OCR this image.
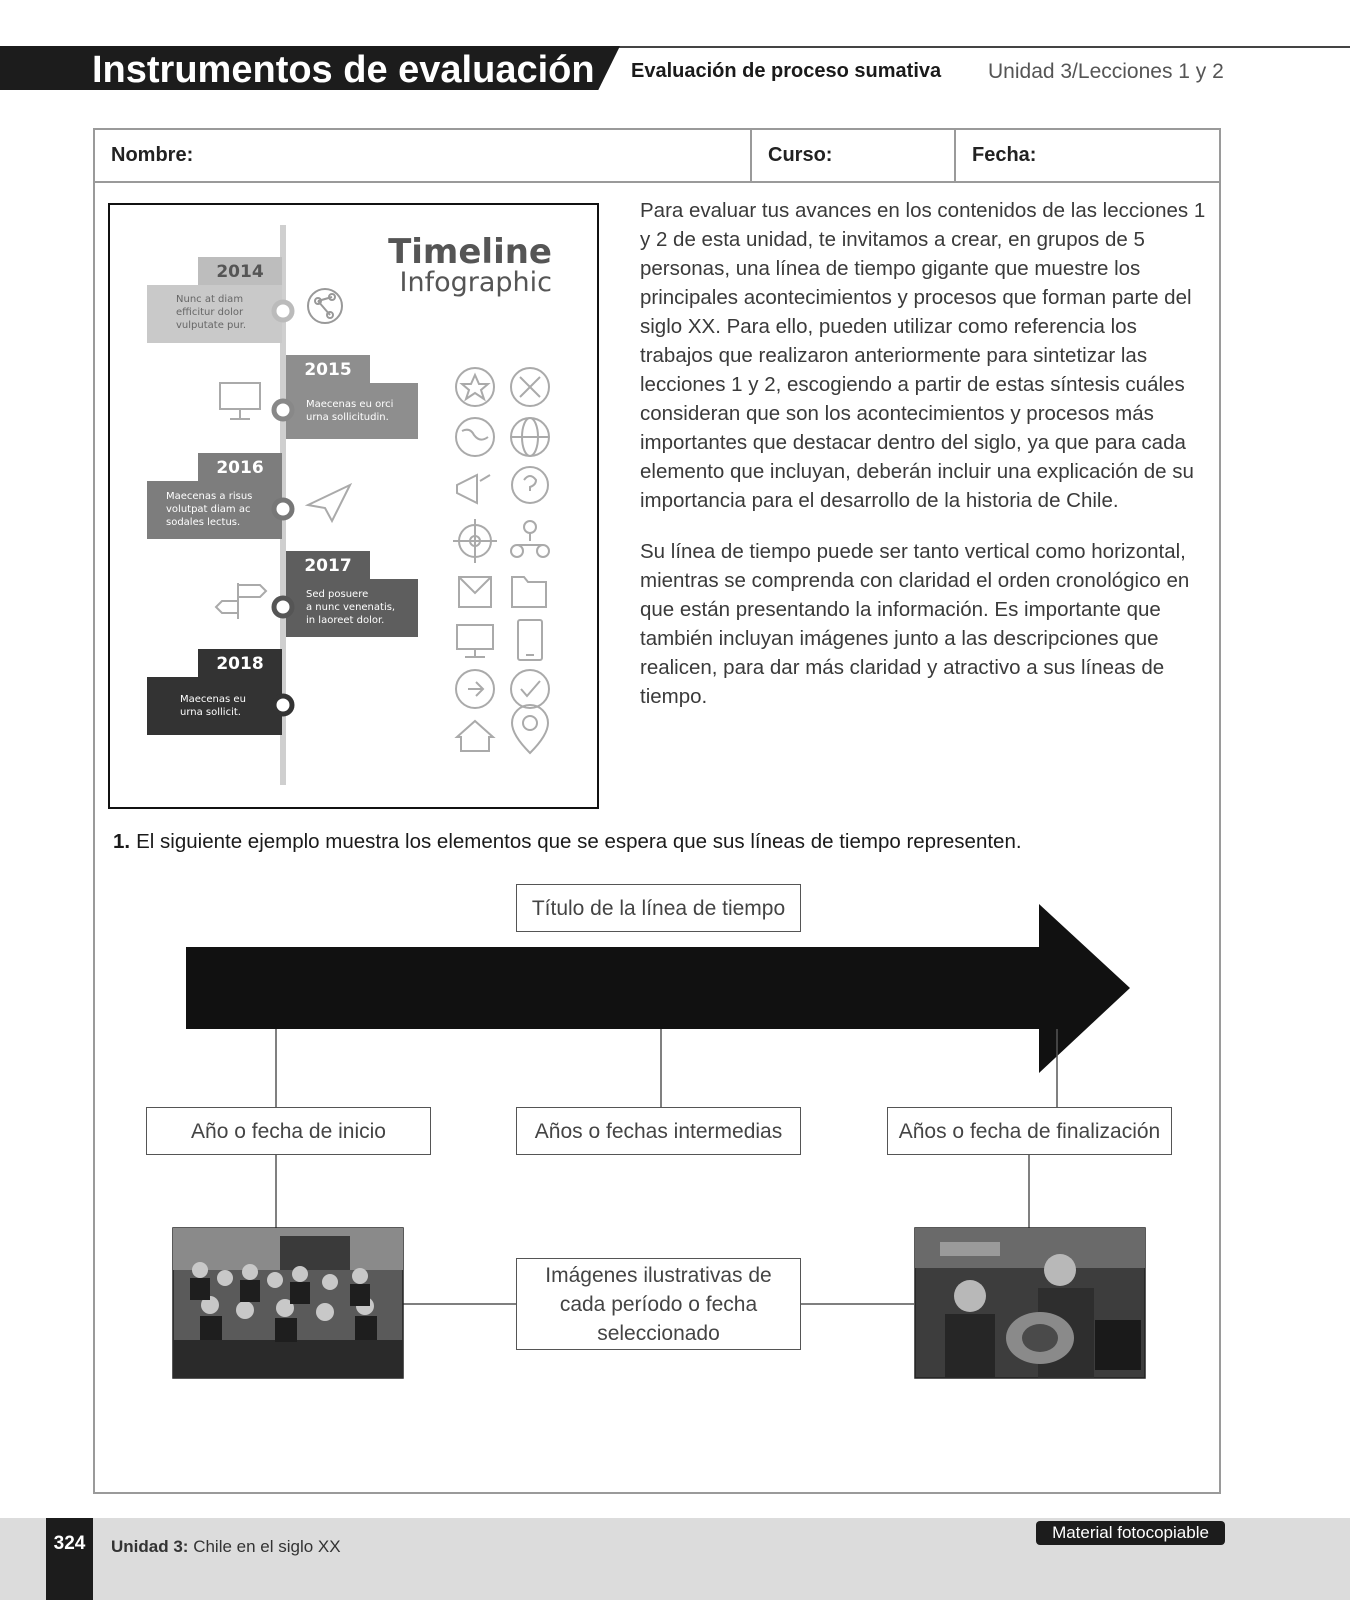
Instrumentos de evaluación Evaluación de proceso sumativa Unidad 3/Lecciones 1 y 2
Nombre:	Curso:	Fecha:
Timeline
Infographic
2014
Nunc at diam efficitur dolor vulputate pur.
2015
Maecenas eu orci urna sollicitudin.
2016
Maecenas a risus volutpat diam ac sodales lectus.
2017
Sed posuere a nunc venenatis, in laoreet dolor.
2018
Maecenas eu urna sollicit.

Para evaluar tus avances en los contenidos de las lecciones 1 y 2 de esta unidad, te invitamos a crear, en grupos de 5 personas, una línea de tiempo gigante que muestre los principales acontecimientos y procesos que forman parte del siglo XX. Para ello, pueden utilizar como referencia los trabajos que realizaron anteriormente para sintetizar las lecciones 1 y 2, escogiendo a partir de estas síntesis cuáles consideran que son los acontecimientos y procesos más importantes que destacar dentro del siglo, ya que para cada elemento que incluyan, deberán incluir una explicación de su importancia para el desarrollo de la historia de Chile.

Su línea de tiempo puede ser tanto vertical como horizontal, mientras se comprenda con claridad el orden cronológico en que están presentando la información. Es importante que también incluyan imágenes junto a las descripciones que realicen, para dar más claridad y atractivo a sus líneas de tiempo.

1. El siguiente ejemplo muestra los elementos que se espera que sus líneas de tiempo representen.
Título de la línea de tiempo
Año o fecha de inicio	Años o fechas intermedias	Años o fecha de finalización
Imágenes ilustrativas de cada período o fecha seleccionado
324	Unidad 3: Chile en el siglo XX
Material fotocopiable
